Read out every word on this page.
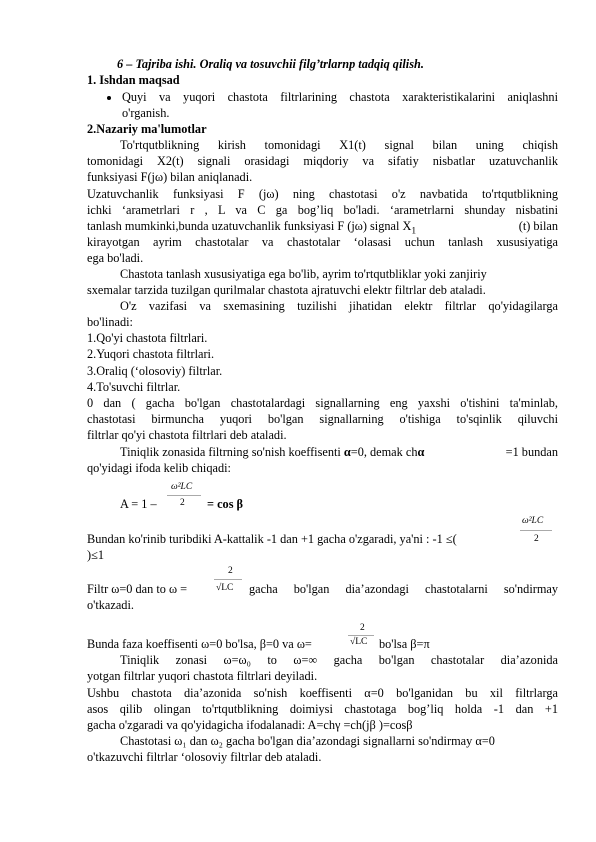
6 – Tajriba ishi. Oraliq va tosuvchii filg’trlarnp tadqiq qilish.
1. Ishdan maqsad
Quyi va yuqori chastota filtrlarining chastota xarakteristikalarini aniqlashni
o'rganish.
2.Nazariy ma'lumotlar
To'rtqutblikning kirish tomonidagi X1(t) signal bilan uning chiqish
tomonidagi X2(t) signali orasidagi miqdoriy va sifatiy nisbatlar uzatuvchanlik
funksiyasi F(jω) bilan aniqlanadi.
Uzatuvchanlik funksiyasi F (jω) ning chastotasi o'z navbatida to'rtqutblikning
ichki ‘arametrlari r , L va C ga bog’liq bo'ladi. ‘arametrlarni shunday nisbatini
tanlash mumkinki,bunda uzatuvchanlik funksiyasi F (jω) signal $X_1$	(t) bilan
kirayotgan ayrim chastotalar va chastotalar ‘olasasi uchun tanlash xususiyatiga
ega bo'ladi.
Chastota tanlash xususiyatiga ega bo'lib, ayrim to'rtqutbliklar yoki zanjiriy
sxemalar tarzida tuzilgan qurilmalar chastota ajratuvchi elektr filtrlar deb ataladi.
O'z vazifasi va sxemasining tuzilishi jihatidan elektr filtrlar qo'yidagilarga
bo'linadi:
1.Qo'yi chastota filtrlari.
2.Yuqori chastota filtrlari.
3.Oraliq (‘olosoviy) filtrlar.
4.To'suvchi filtrlar.
0 dan ( gacha bo'lgan chastotalardagi signallarning eng yaxshi o'tishini ta'minlab,
chastotasi birmuncha yuqori bo'lgan signallarning o'tishiga to'sqinlik qiluvchi
filtrlar qo'yi chastota filtrlari deb ataladi.
Tiniqlik zonasida filtrning so'nish koeffisenti α=0, demak chα	=1 bundan
qo'yidagi ifoda kelib chiqadi:
ω²LC
A = 1 – 2 = cos β
ω²LC
2
Bundan ko'rinib turibdiki A-kattalik -1 dan +1 gacha o'zgaradi, ya'ni : -1 ≤(
)≤1
2
√LC
Filtr ω=0 dan to ω =	gacha bo'lgan dia’azondagi chastotalarni so'ndirmay
o'tkazadi.
2
√LC
Bunda faza koeffisenti ω=0 bo'lsa, β=0 va ω=	bo'lsa β=π
Tiniqlik zonasi ω=ω₀ to ω=∞ gacha bo'lgan chastotalar dia’azonida
yotgan filtrlar yuqori chastota filtrlari deyiladi.
Ushbu chastota dia’azonida so'nish koeffisenti α=0 bo'lganidan bu xil filtrlarga
asos qilib olingan to'rtqutblikning doimiysi chastotaga bog’liq holda -1 dan +1
gacha o'zgaradi va qo'yidagicha ifodalanadi: A=chγ =ch(jβ )=cosβ
Chastotasi ω₁ dan ω₂ gacha bo'lgan dia’azondagi signallarni so'ndirmay α=0
o'tkazuvchi filtrlar ‘olosoviy filtrlar deb ataladi.
